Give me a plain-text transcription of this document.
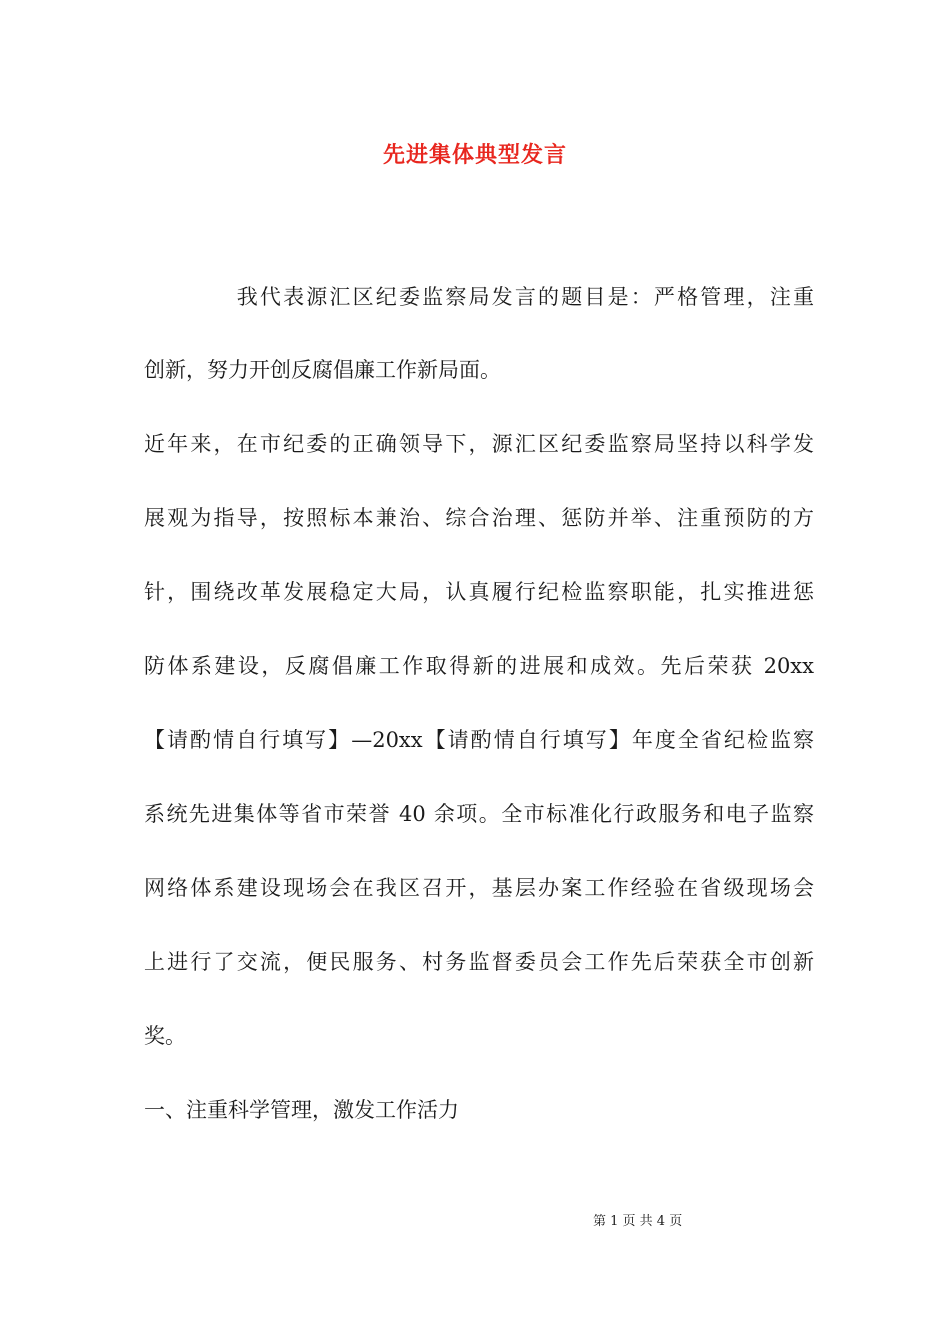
先进集体典型发言
　　　　我代表源汇区纪委监察局发言的题目是：严格管理，注重
创新，努力开创反腐倡廉工作新局面。
近年来，在市纪委的正确领导下，源汇区纪委监察局坚持以科学发
展观为指导，按照标本兼治、综合治理、惩防并举、注重预防的方
针，围绕改革发展稳定大局，认真履行纪检监察职能，扎实推进惩
防体系建设，反腐倡廉工作取得新的进展和成效。先后荣获 20xx
【请酌情自行填写】—20xx【请酌情自行填写】年度全省纪检监察
系统先进集体等省市荣誉 40 余项。全市标准化行政服务和电子监察
网络体系建设现场会在我区召开，基层办案工作经验在省级现场会
上进行了交流，便民服务、村务监督委员会工作先后荣获全市创新
奖。
一、注重科学管理，激发工作活力
第 1 页 共 4 页
